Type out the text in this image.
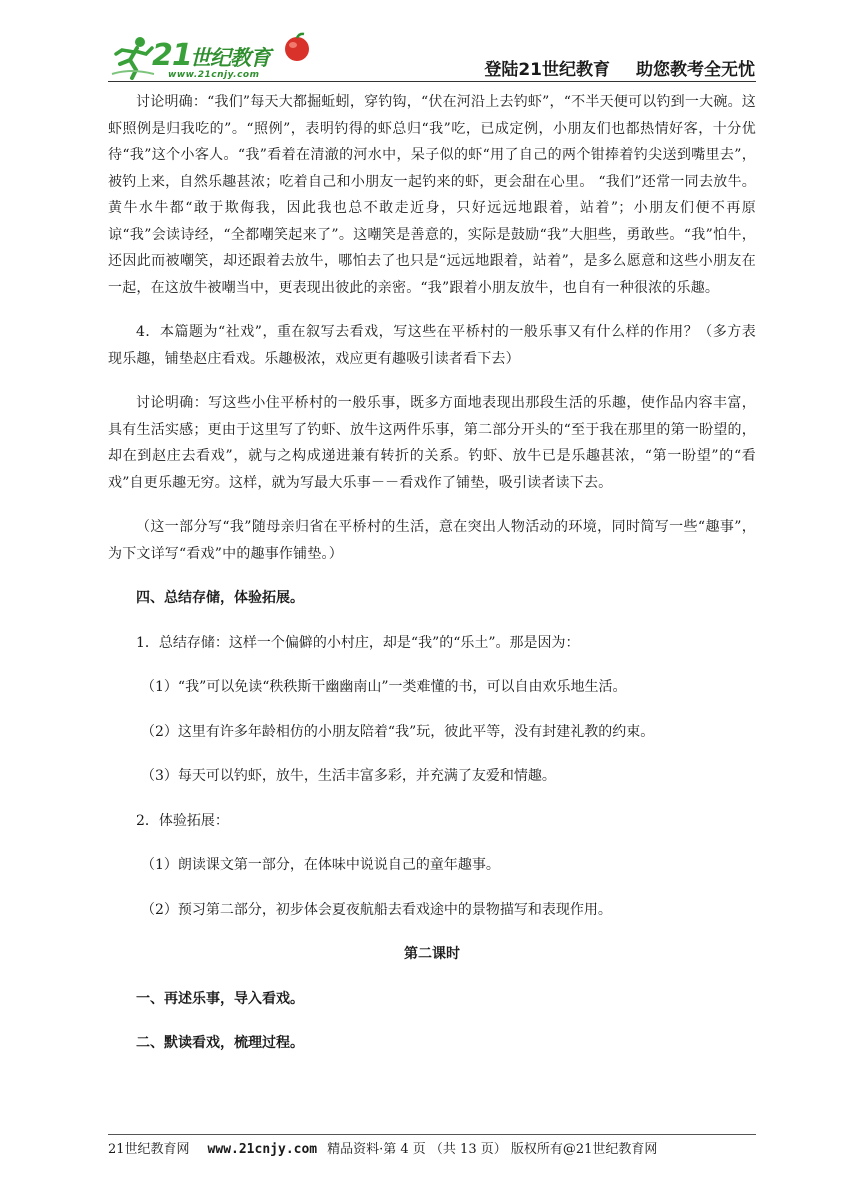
21
世纪教育
www.21cnjy.com	登陆21世纪教育 助您教考全无忧

讨论明确：“我们”每天大都掘蚯蚓，穿钓钩，“伏在河沿上去钓虾”，“不半天便可以钓到一大碗。这虾照例是归我吃的”。“照例”，表明钓得的虾总归“我”吃，已成定例，小朋友们也都热情好客，十分优待“我”这个小客人。“我”看着在清澈的河水中，呆子似的虾“用了自己的两个钳捧着钓尖送到嘴里去”，被钓上来，自然乐趣甚浓；吃着自己和小朋友一起钓来的虾，更会甜在心里。 “我们”还常一同去放牛。黄牛水牛都“敢于欺侮我，因此我也总不敢走近身，只好远远地跟着，站着”；小朋友们便不再原谅“我”会读诗经，“全都嘲笑起来了”。这嘲笑是善意的，实际是鼓励“我”大胆些，勇敢些。“我”怕牛，还因此而被嘲笑，却还跟着去放牛，哪怕去了也只是“远远地跟着，站着”，是多么愿意和这些小朋友在一起，在这放牛被嘲当中，更表现出彼此的亲密。“我”跟着小朋友放牛，也自有一种很浓的乐趣。

4．本篇题为“社戏”，重在叙写去看戏，写这些在平桥村的一般乐事又有什么样的作用？（多方表现乐趣，铺垫赵庄看戏。乐趣极浓，戏应更有趣吸引读者看下去）

讨论明确：写这些小住平桥村的一般乐事，既多方面地表现出那段生活的乐趣，使作品内容丰富，具有生活实感；更由于这里写了钓虾、放牛这两件乐事，第二部分开头的“至于我在那里的第一盼望的，却在到赵庄去看戏”，就与之构成递进兼有转折的关系。钓虾、放牛已是乐趣甚浓，“第一盼望”的“看戏”自更乐趣无穷。这样，就为写最大乐事－－看戏作了铺垫，吸引读者读下去。

（这一部分写“我”随母亲归省在平桥村的生活，意在突出人物活动的环境，同时简写一些“趣事”，为下文详写“看戏”中的趣事作铺垫。）

四、总结存储，体验拓展。

1．总结存储：这样一个偏僻的小村庄，却是“我”的“乐土”。那是因为：

（1）“我”可以免读“秩秩斯干幽幽南山”一类难懂的书，可以自由欢乐地生活。

（2）这里有许多年龄相仿的小朋友陪着“我”玩，彼此平等，没有封建礼教的约束。

（3）每天可以钓虾，放牛，生活丰富多彩，并充满了友爱和情趣。

2．体验拓展：

（1）朗读课文第一部分，在体味中说说自己的童年趣事。

（2）预习第二部分，初步体会夏夜航船去看戏途中的景物描写和表现作用。

第二课时

一、再述乐事，导入看戏。

二、默读看戏，梳理过程。

21世纪教育网 www.21cnjy.com 精品资料·第 4 页 （共 13 页） 版权所有@21世纪教育网
